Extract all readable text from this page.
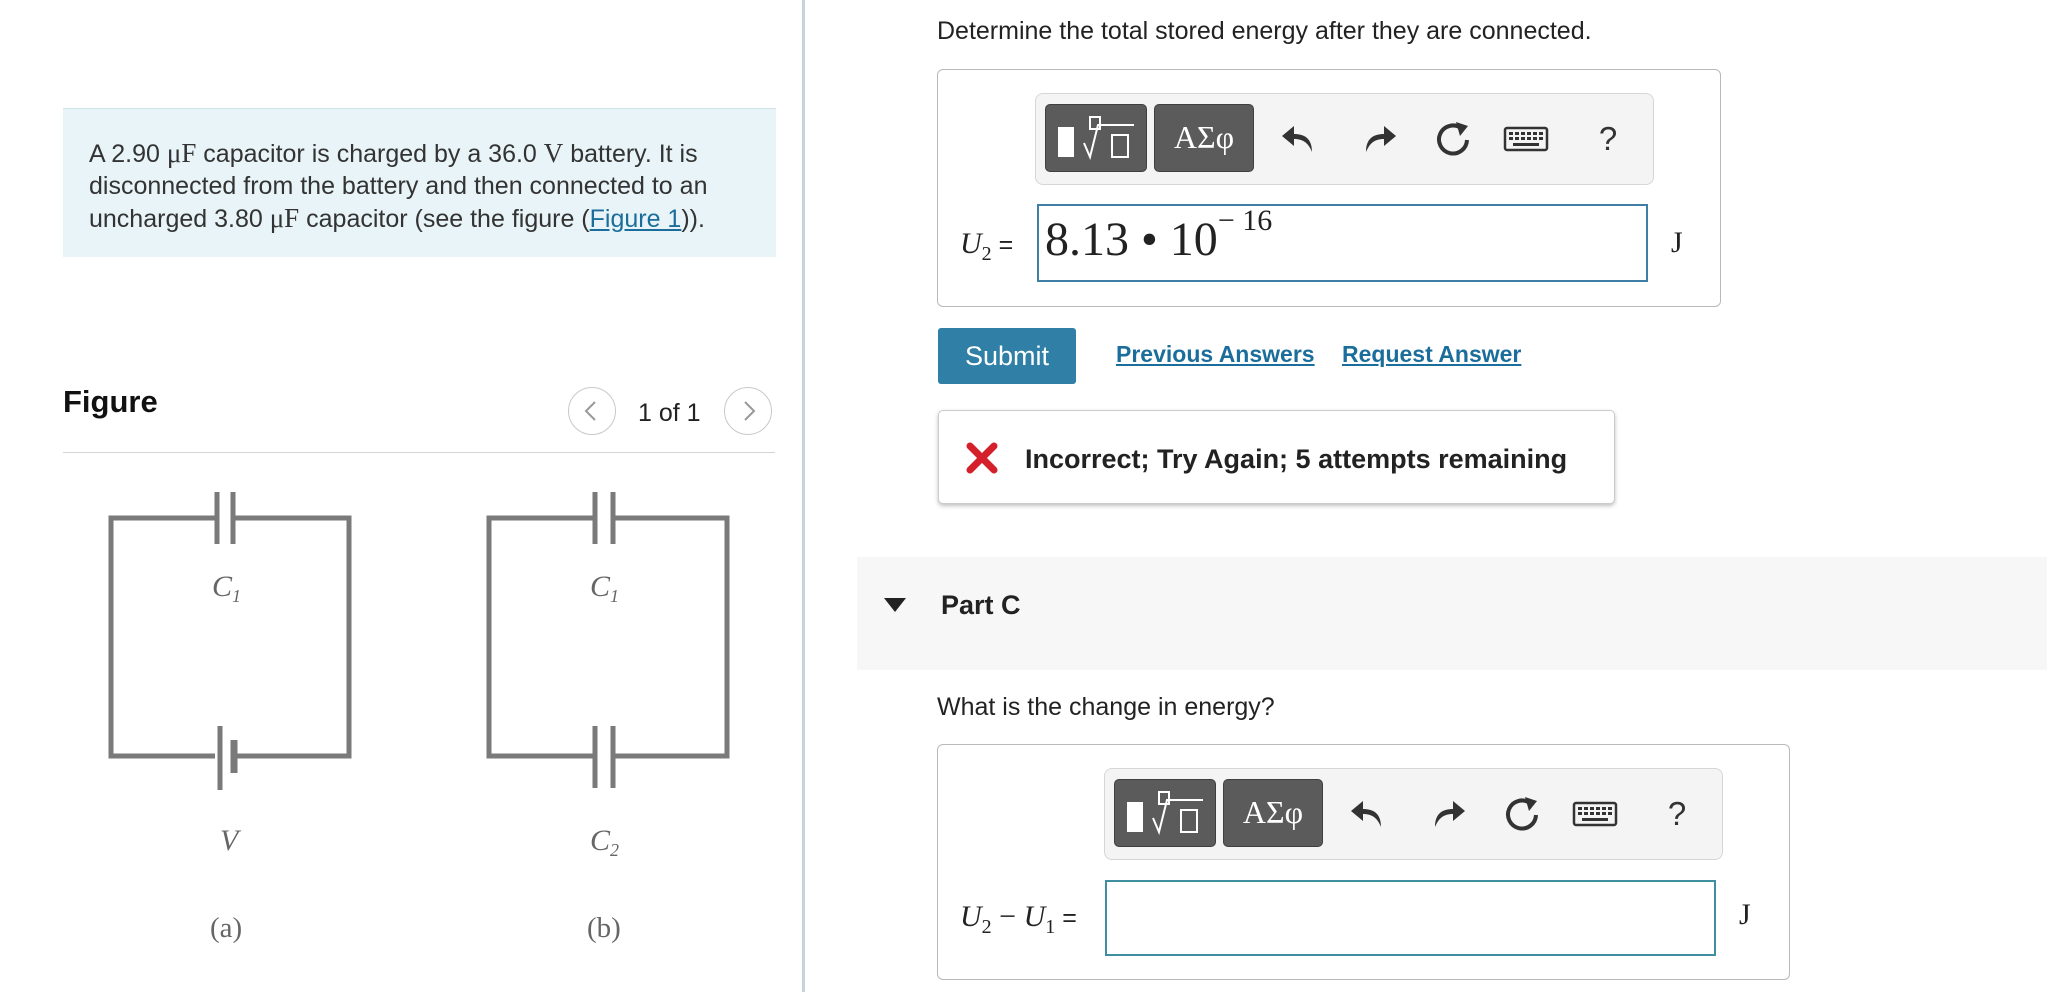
A 2.90 μF capacitor is charged by a 36.0 V battery. It is disconnected from the battery and then connected to an uncharged 3.80 μF capacitor (see the figure (Figure 1)).
Figure	1 of 1
$C_1$
V
(a)
$C_1$
$C_2$
(b)
Determine the total stored energy after they are connected.
ΑΣφ	?
$U_2 = 8.13$ • $10^{- 16}$
J
Submit	Previous Answers Request Answer
Incorrect; Try Again; 5 attempts remaining
Part C
What is the change in energy?
ΑΣφ	?
$U_2 - U_1$ =	J
